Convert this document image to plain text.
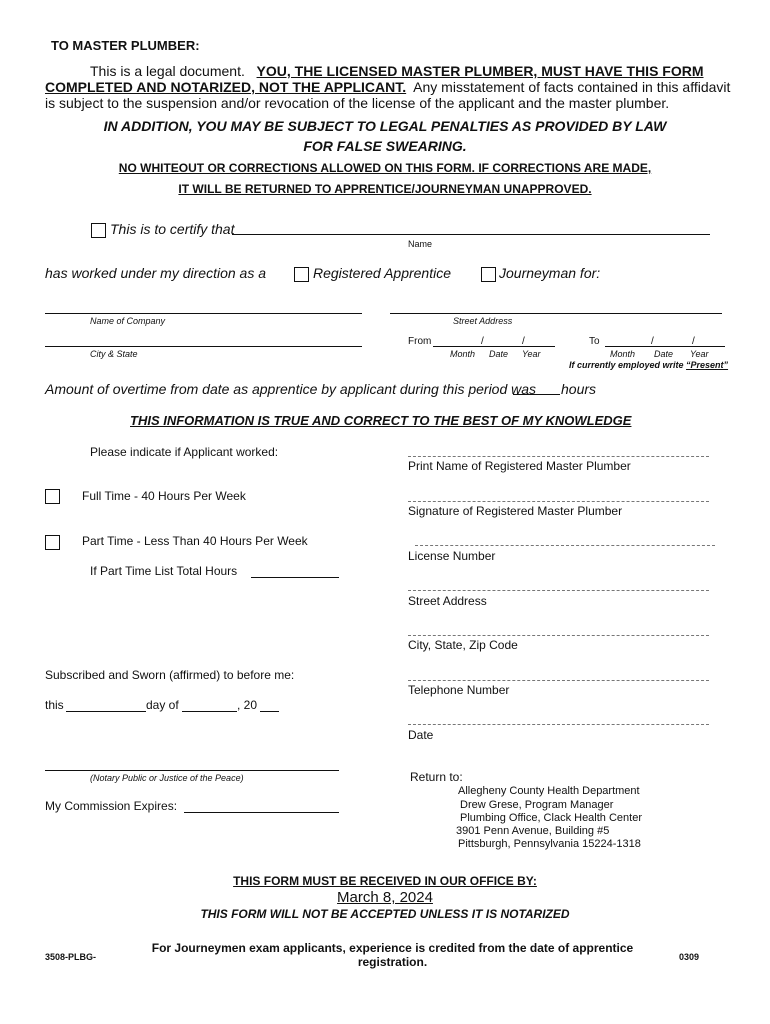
TO MASTER PLUMBER:
This is a legal document. YOU, THE LICENSED MASTER PLUMBER, MUST HAVE THIS FORM
COMPLETED AND NOTARIZED, NOT THE APPLICANT. Any misstatement of facts contained in this affidavit
is subject to the suspension and/or revocation of the license of the applicant and the master plumber.
IN ADDITION, YOU MAY BE SUBJECT TO LEGAL PENALTIES AS PROVIDED BY LAW
FOR FALSE SWEARING.
NO WHITEOUT OR CORRECTIONS ALLOWED ON THIS FORM. IF CORRECTIONS ARE MADE,
IT WILL BE RETURNED TO APPRENTICE/JOURNEYMAN UNAPPROVED.
This is to certify that
Name
has worked under my direction as a	Registered Apprentice	Journeyman for:
Name of Company	Street Address
City & State
From	/	/
Month Date Year
To	/	/
Month Date Year
If currently employed write “Present”
Amount of overtime from date as apprentice by applicant during this period was hours
THIS INFORMATION IS TRUE AND CORRECT TO THE BEST OF MY KNOWLEDGE
Please indicate if Applicant worked:
Full Time - 40 Hours Per Week
Part Time - Less Than 40 Hours Per Week
If Part Time List Total Hours
Print Name of Registered Master Plumber
Signature of Registered Master Plumber
License Number
Street Address
City, State, Zip Code
Telephone Number
Date
Subscribed and Sworn (affirmed) to before me:
this	day of	, 20
(Notary Public or Justice of the Peace)
My Commission Expires:
Return to:
Allegheny County Health Department
Drew Grese, Program Manager
Plumbing Office, Clack Health Center
3901 Penn Avenue, Building #5
Pittsburgh, Pennsylvania 15224-1318
THIS FORM MUST BE RECEIVED IN OUR OFFICE BY:
March 8, 2024
THIS FORM WILL NOT BE ACCEPTED UNLESS IT IS NOTARIZED
3508-PLBG-
For Journeymen exam applicants, experience is credited from the date of apprentice
registration.	0309
